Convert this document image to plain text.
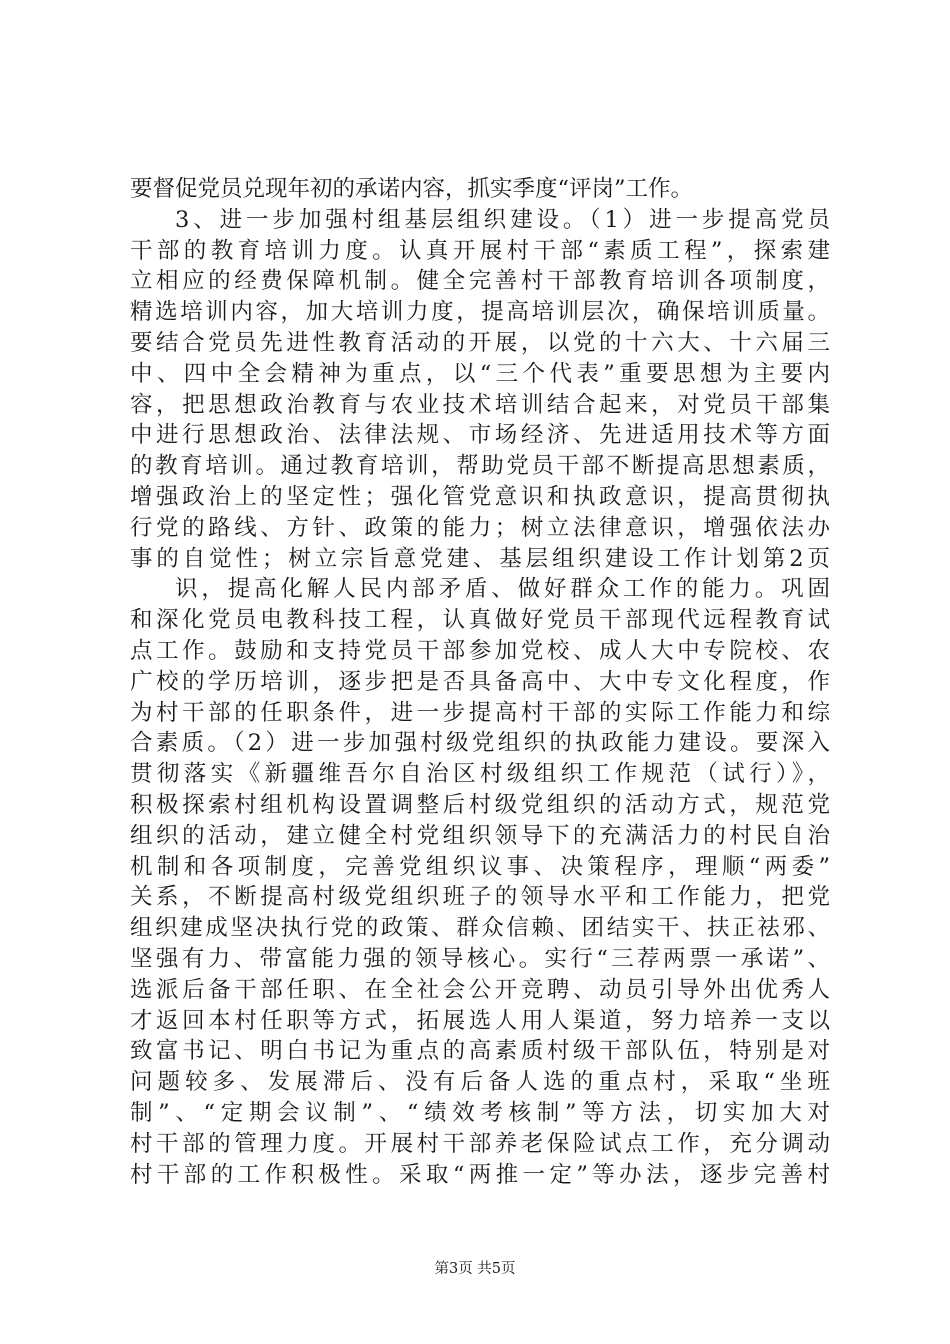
要督促党员兑现年初的承诺内容，抓实季度“评岗”工作。
3、进一步加强村组基层组织建设。（1）进一步提高党员
干部的教育培训力度。认真开展村干部“素质工程”，探索建
立相应的经费保障机制。健全完善村干部教育培训各项制度，
精选培训内容，加大培训力度，提高培训层次，确保培训质量。
要结合党员先进性教育活动的开展，以党的十六大、十六届三
中、四中全会精神为重点，以“三个代表”重要思想为主要内
容，把思想政治教育与农业技术培训结合起来，对党员干部集
中进行思想政治、法律法规、市场经济、先进适用技术等方面
的教育培训。通过教育培训，帮助党员干部不断提高思想素质，
增强政治上的坚定性；强化管党意识和执政意识，提高贯彻执
行党的路线、方针、政策的能力；树立法律意识，增强依法办
事的自觉性；树立宗旨意党建、基层组织建设工作计划第2页
识，提高化解人民内部矛盾、做好群众工作的能力。巩固
和深化党员电教科技工程，认真做好党员干部现代远程教育试
点工作。鼓励和支持党员干部参加党校、成人大中专院校、农
广校的学历培训，逐步把是否具备高中、大中专文化程度，作
为村干部的任职条件，进一步提高村干部的实际工作能力和综
合素质。（2）进一步加强村级党组织的执政能力建设。要深入
贯彻落实《新疆维吾尔自治区村级组织工作规范（试行）》，
积极探索村组机构设置调整后村级党组织的活动方式，规范党
组织的活动，建立健全村党组织领导下的充满活力的村民自治
机制和各项制度，完善党组织议事、决策程序，理顺“两委”
关系，不断提高村级党组织班子的领导水平和工作能力，把党
组织建成坚决执行党的政策、群众信赖、团结实干、扶正祛邪、
坚强有力、带富能力强的领导核心。实行“三荐两票一承诺”、
选派后备干部任职、在全社会公开竞聘、动员引导外出优秀人
才返回本村任职等方式，拓展选人用人渠道，努力培养一支以
致富书记、明白书记为重点的高素质村级干部队伍，特别是对
问题较多、发展滞后、没有后备人选的重点村，采取“坐班
制”、“定期会议制”、“绩效考核制”等方法，切实加大对
村干部的管理力度。开展村干部养老保险试点工作，充分调动
村干部的工作积极性。采取“两推一定”等办法，逐步完善村
第3页 共5页
